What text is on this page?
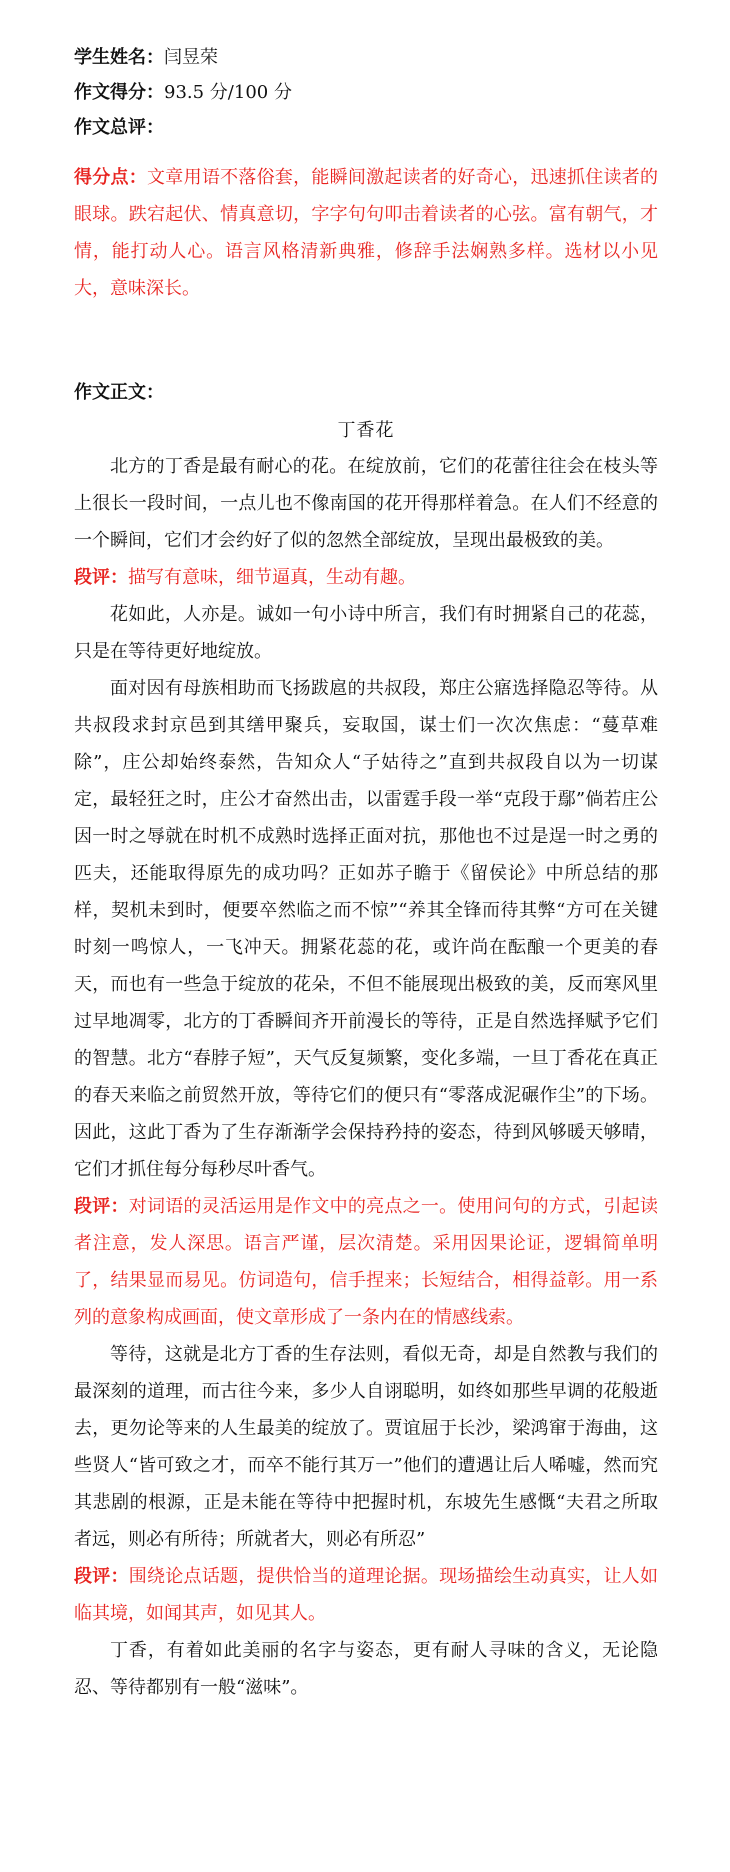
学生姓名：闫昱荣
作文得分：93.5 分/100 分
作文总评：

得分点：文章用语不落俗套，能瞬间激起读者的好奇心，迅速抓住读者的眼球。跌宕起伏、情真意切，字字句句叩击着读者的心弦。富有朝气，才情，能打动人心。语言风格清新典雅，修辞手法娴熟多样。选材以小见大，意味深长。

作文正文：
丁香花

北方的丁香是最有耐心的花。在绽放前，它们的花蕾往往会在枝头等上很长一段时间，一点儿也不像南国的花开得那样着急。在人们不经意的一个瞬间，它们才会约好了似的忽然全部绽放，呈现出最极致的美。

段评：描写有意味，细节逼真，生动有趣。

花如此，人亦是。诚如一句小诗中所言，我们有时拥紧自己的花蕊，只是在等待更好地绽放。

面对因有母族相助而飞扬跋扈的共叔段，郑庄公寤选择隐忍等待。从共叔段求封京邑到其缮甲聚兵，妄取国，谋士们一次次焦虑：“蔓草难除”，庄公却始终泰然，告知众人“子姑待之”直到共叔段自以为一切谋定，最轻狂之时，庄公才奋然出击，以雷霆手段一举“克段于鄢”倘若庄公因一时之辱就在时机不成熟时选择正面对抗，那他也不过是逞一时之勇的匹夫，还能取得原先的成功吗？正如苏子瞻于《留侯论》中所总结的那样，契机未到时，便要卒然临之而不惊”“养其全锋而待其弊“方可在关键时刻一鸣惊人，一飞冲天。拥紧花蕊的花，或许尚在酝酿一个更美的春天，而也有一些急于绽放的花朵，不但不能展现出极致的美，反而寒风里过早地凋零，北方的丁香瞬间齐开前漫长的等待，正是自然选择赋予它们的智慧。北方“春脖子短”，天气反复频繁，变化多端，一旦丁香花在真正的春天来临之前贸然开放，等待它们的便只有“零落成泥碾作尘”的下场。因此，这此丁香为了生存渐渐学会保持矜持的姿态，待到风够暖天够晴，它们才抓住每分每秒尽叶香气。

段评：对词语的灵活运用是作文中的亮点之一。使用问句的方式，引起读者注意，发人深思。语言严谨，层次清楚。采用因果论证，逻辑简单明了，结果显而易见。仿词造句，信手捏来；长短结合，相得益彰。用一系列的意象构成画面，使文章形成了一条内在的情感线索。

等待，这就是北方丁香的生存法则，看似无奇，却是自然教与我们的最深刻的道理，而古往今来，多少人自诩聪明，如终如那些早调的花般逝去，更勿论等来的人生最美的绽放了。贾谊屈于长沙，梁鸿窜于海曲，这些贤人“皆可致之才，而卒不能行其万一”他们的遭遇让后人唏嘘，然而究其悲剧的根源，正是未能在等待中把握时机，东坡先生感慨“夫君之所取者远，则必有所待；所就者大，则必有所忍”

段评：围绕论点话题，提供恰当的道理论据。现场描绘生动真实，让人如临其境，如闻其声，如见其人。

丁香，有着如此美丽的名字与姿态，更有耐人寻味的含义，无论隐忍、等待都别有一般“滋味”。
